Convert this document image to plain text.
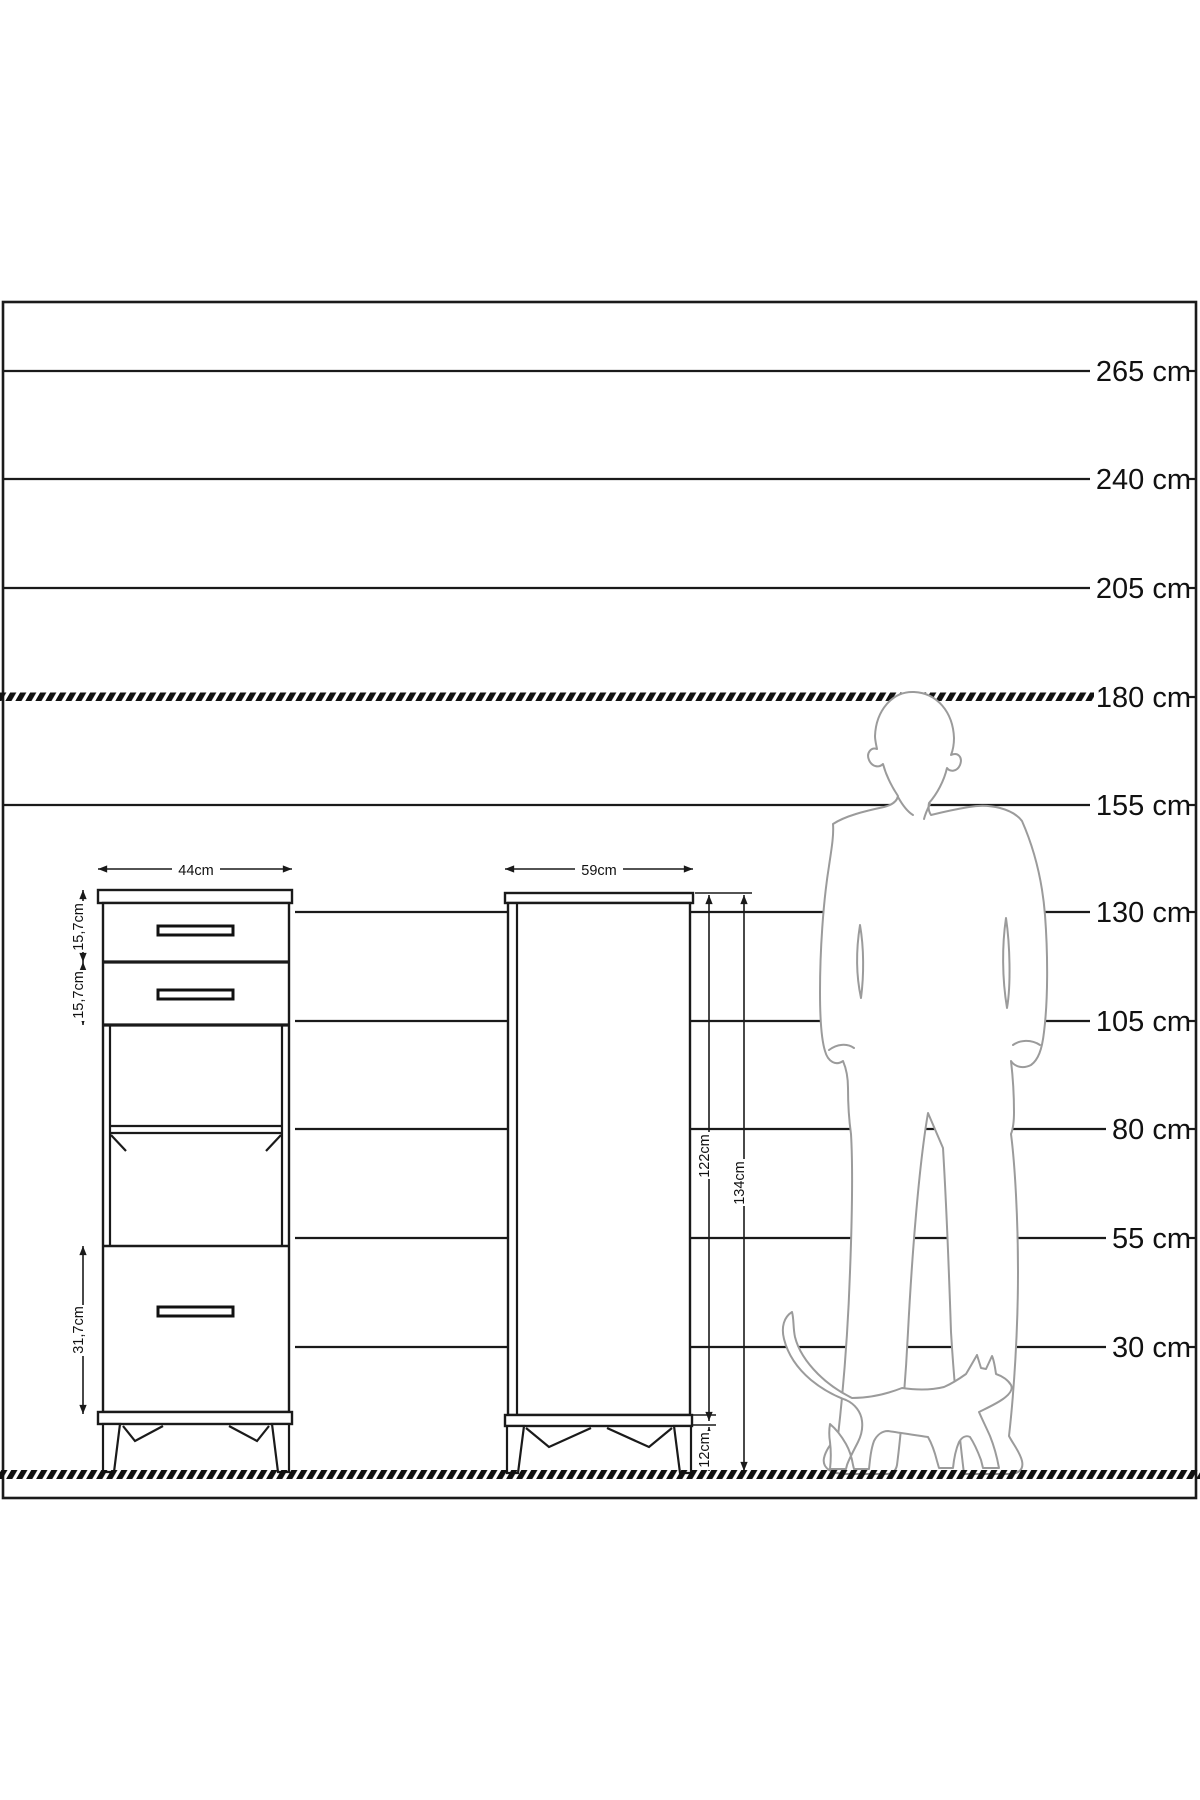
44cm
15,7cm
15,7cm
31,7cm
59cm
122cm
134cm
12cm
265 cm
240 cm
205 cm
180 cm
155 cm
130 cm
105 cm
80 cm
55 cm
30 cm
